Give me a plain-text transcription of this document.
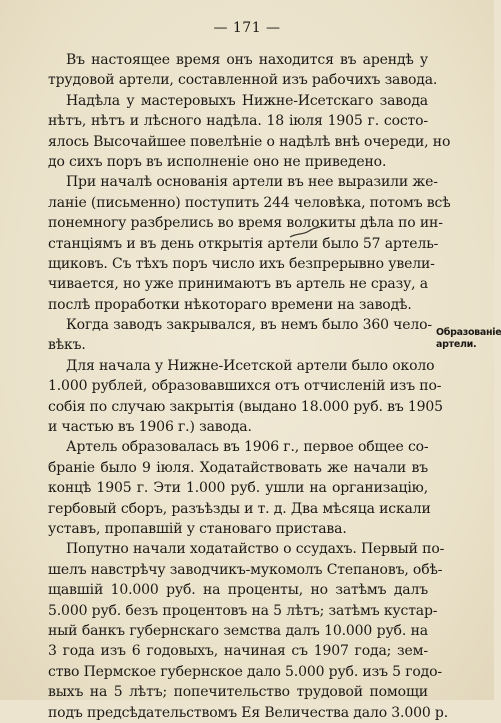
— 171 —
Въ настоящее время онъ находится въ арендѣ у
трудовой артели, составленной изъ рабочихъ завода.
Надѣла у мастеровыхъ Нижне-Исетскаго завода
нѣтъ, нѣтъ и лѣсного надѣла. 18 іюля 1905 г. состо-
ялось Высочайшее повелѣніе о надѣлѣ внѣ очереди, но
до сихъ поръ въ исполненіе оно не приведено.
При началѣ основанія артели въ нее выразили же-
ланіе (письменно) поступить 244 человѣка, потомъ всѣ
понемногу разбрелись во время волокиты дѣла по ин-
станціямъ и въ день открытія артели было 57 артель-
щиковъ. Съ тѣхъ поръ число ихъ безпрерывно увели-
чивается, но уже принимаютъ въ артель не сразу, а
послѣ проработки нѣкотораго времени на заводѣ.
Когда заводъ закрывался, въ немъ было 360 чело-
вѣкъ.
Для начала у Нижне-Исетской артели было около
1.000 рублей, образовавшихся отъ отчисленій изъ по-
собія по случаю закрытія (выдано 18.000 руб. въ 1905
и частью въ 1906 г.) завода.
Артель образовалась въ 1906 г., первое общее со-
браніе было 9 іюля. Ходатайствовать же начали въ
концѣ 1905 г. Эти 1.000 руб. ушли на организацію,
гербовый сборъ, разъѣзды и т. д. Два мѣсяца искали
уставъ, пропавшій у становаго пристава.
Попутно начали ходатайство о ссудахъ. Первый по-
шелъ навстрѣчу заводчикъ-мукомолъ Степановъ, обѣ-
щавшій 10.000 руб. на проценты, но затѣмъ далъ
5.000 руб. безъ процентовъ на 5 лѣтъ; затѣмъ кустар-
ный банкъ губернскаго земства далъ 10.000 руб. на
3 года изъ 6 годовыхъ, начиная съ 1907 года; зем-
ство Пермское губернское дало 5.000 руб. изъ 5 годо-
выхъ на 5 лѣтъ; попечительство трудовой помощи
подъ предсѣдательствомъ Ея Величества дало 3.000 р.
Образованіе
артели.
